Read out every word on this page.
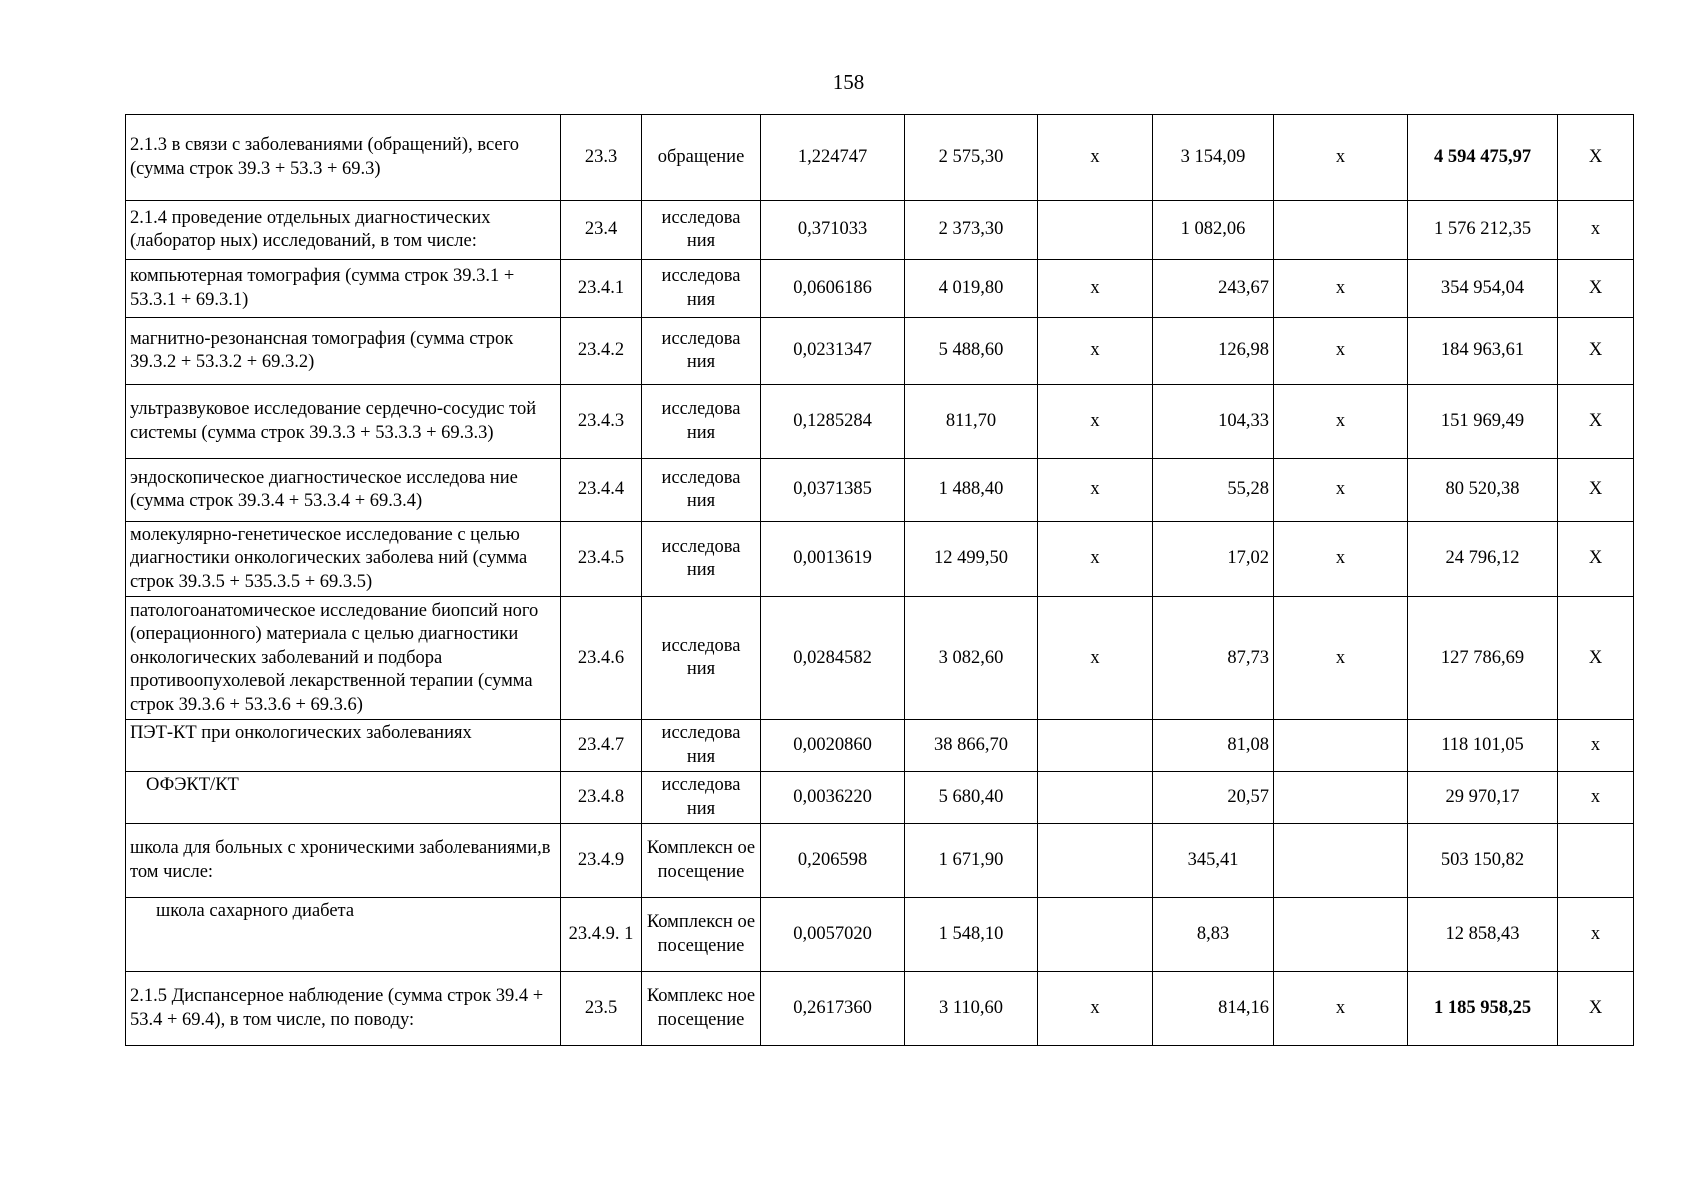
158
2.1.3 в связи с заболеваниями (обращений), всего (сумма строк 39.3 + 53.3 + 69.3)	23.3	обращение	1,224747	2 575,30	х	3 154,09	х	4 594 475,97	Х
2.1.4 проведение отдельных диагностических (лаборатор ных) исследований, в том числе:	23.4	исследова ния	0,371033	2 373,30		1 082,06		1 576 212,35	х
компьютерная томография (сумма строк 39.3.1 + 53.3.1 + 69.3.1)	23.4.1	исследова ния	0,0606186	4 019,80	х	243,67	х	354 954,04	Х
магнитно-резонансная томография (сумма строк 39.3.2 + 53.3.2 + 69.3.2)	23.4.2	исследова ния	0,0231347	5 488,60	х	126,98	х	184 963,61	Х
ультразвуковое исследование сердечно-сосудис той системы (сумма строк 39.3.3 + 53.3.3 + 69.3.3)	23.4.3	исследова ния	0,1285284	811,70	х	104,33	х	151 969,49	Х
эндоскопическое диагностическое исследова ние (сумма строк 39.3.4 + 53.3.4 + 69.3.4)	23.4.4	исследова ния	0,0371385	1 488,40	х	55,28	х	80 520,38	Х
молекулярно-генетическое исследование с целью диагностики онкологических заболева ний (сумма строк 39.3.5 + 535.3.5 + 69.3.5)	23.4.5	исследова ния	0,0013619	12 499,50	х	17,02	х	24 796,12	Х
патологоанатомическое исследование биопсий ного (операционного) материала с целью диагностики онкологических заболеваний и подбора противоопухолевой лекарственной терапии (сумма строк 39.3.6 + 53.3.6 + 69.3.6)	23.4.6	исследова ния	0,0284582	3 082,60	х	87,73	х	127 786,69	Х
ПЭТ-КТ при онкологических заболеваниях	23.4.7	исследова ния	0,0020860	38 866,70		81,08		118 101,05	х
ОФЭКТ/КТ	23.4.8	исследова ния	0,0036220	5 680,40		20,57		29 970,17	х
школа для больных с хроническими заболеваниями,в том числе:	23.4.9	Комплексн ое посещение	0,206598	1 671,90		345,41		503 150,82	
школа сахарного диабета	23.4.9. 1	Комплексн ое посещение	0,0057020	1 548,10		8,83		12 858,43	х
2.1.5 Диспансерное наблюдение (сумма строк 39.4 + 53.4 + 69.4), в том числе, по поводу:	23.5	Комплекс ное посещение	0,2617360	3 110,60	х	814,16	х	1 185 958,25	Х
